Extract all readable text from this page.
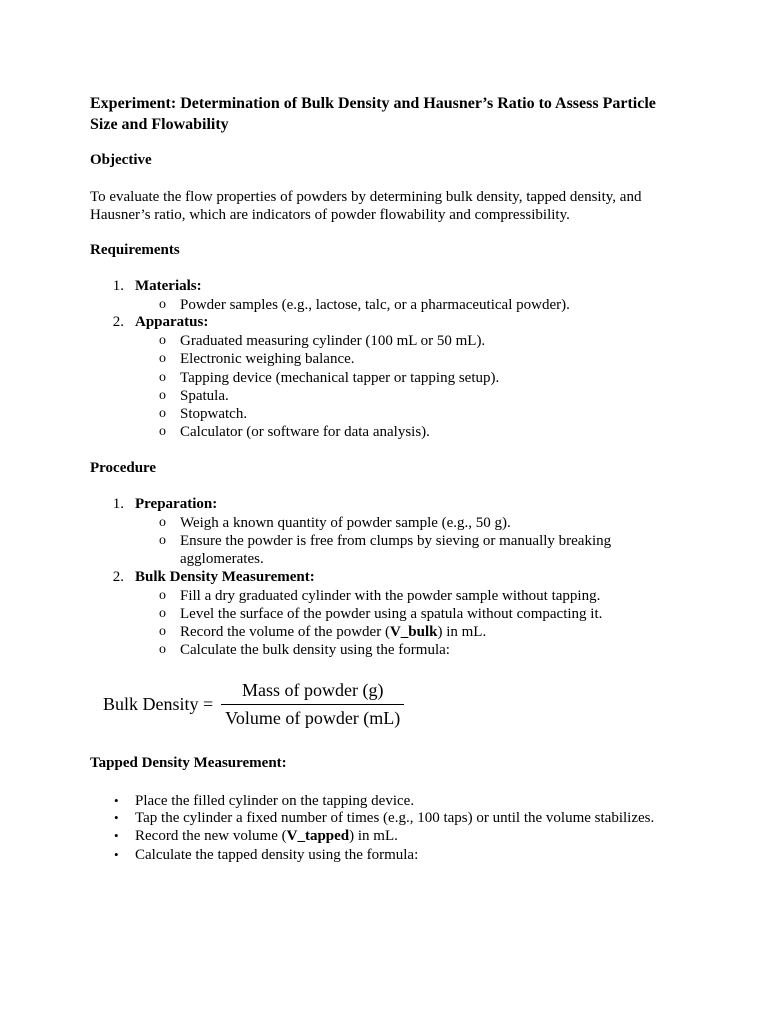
Experiment: Determination of Bulk Density and Hausner’s Ratio to Assess Particle Size and Flowability
Objective
To evaluate the flow properties of powders by determining bulk density, tapped density, and
Hausner’s ratio, which are indicators of powder flowability and compressibility.
Requirements
1. Materials:
o Powder samples (e.g., lactose, talc, or a pharmaceutical powder).
2. Apparatus:
o Graduated measuring cylinder (100 mL or 50 mL).
o Electronic weighing balance.
o Tapping device (mechanical tapper or tapping setup).
o Spatula.
o Stopwatch.
o Calculator (or software for data analysis).
Procedure
1. Preparation:
o Weigh a known quantity of powder sample (e.g., 50 g).
o Ensure the powder is free from clumps by sieving or manually breaking
agglomerates.
2. Bulk Density Measurement:
o Fill a dry graduated cylinder with the powder sample without tapping.
o Level the surface of the powder using a spatula without compacting it.
o Record the volume of the powder (V_bulk) in mL.
o Calculate the bulk density using the formula:
Bulk Density = $\frac{\text{Mass of powder (g)}}{\text{Volume of powder (mL)}}$
Tapped Density Measurement:
• Place the filled cylinder on the tapping device.
• Tap the cylinder a fixed number of times (e.g., 100 taps) or until the volume stabilizes.
• Record the new volume (V_tapped) in mL.
• Calculate the tapped density using the formula:
